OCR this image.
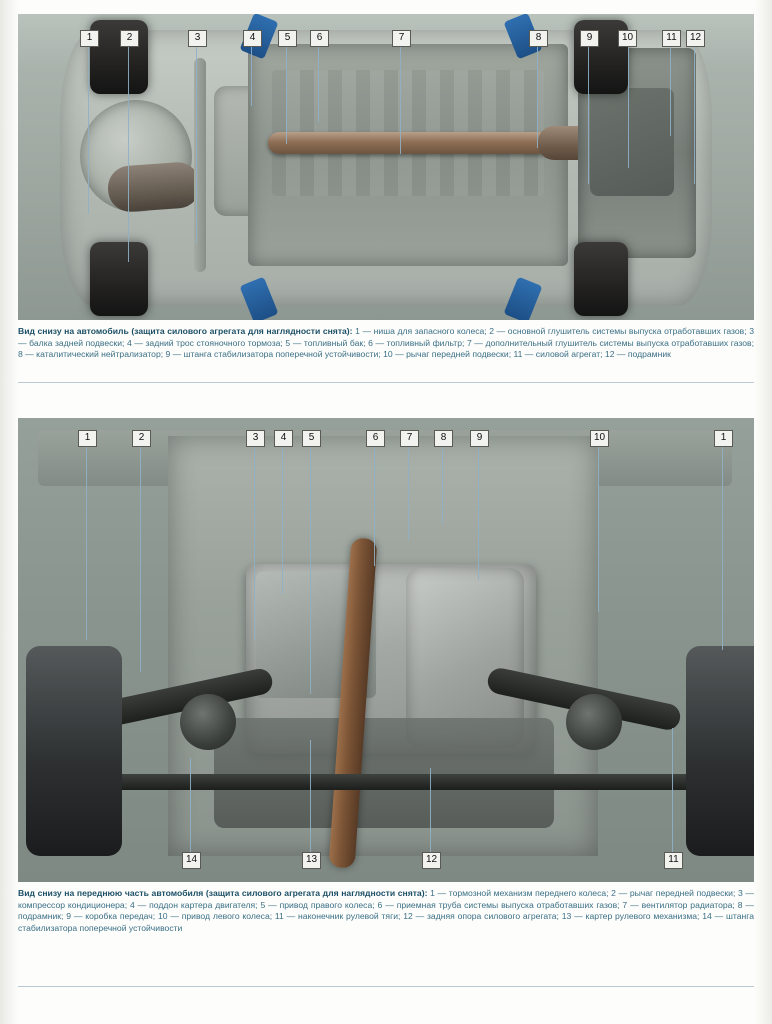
1	2	3	4	5	6	7	8	9	10	11	12
Вид снизу на автомобиль (защита силового агрегата для наглядности снята): 1 — ниша для запасного колеса; 2 — основной глушитель системы выпуска отработавших газов; 3 — балка задней подвески; 4 — задний трос стояночного тормоза; 5 — топливный бак; 6 — топливный фильтр; 7 — дополнительный глушитель системы выпуска отработавших газов; 8 — каталитический нейтрализатор; 9 — штанга стабилизатора поперечной устойчивости; 10 — рычаг передней подвески; 11 — силовой агрегат; 12 — подрамник
1	2	3	4	5	6	7	8	9	10	1
14	13	12	11
Вид снизу на переднюю часть автомобиля (защита силового агрегата для наглядности снята): 1 — тормозной механизм переднего колеса; 2 — рычаг передней подвески; 3 — компрессор кондиционера; 4 — поддон картера двигателя; 5 — привод правого колеса; 6 — приемная труба системы выпуска отработавших газов; 7 — вентилятор радиатора; 8 — подрамник; 9 — коробка передач; 10 — привод левого колеса; 11 — наконечник рулевой тяги; 12 — задняя опора силового агрегата; 13 — картер рулевого механизма; 14 — штанга стабилизатора поперечной устойчивости
